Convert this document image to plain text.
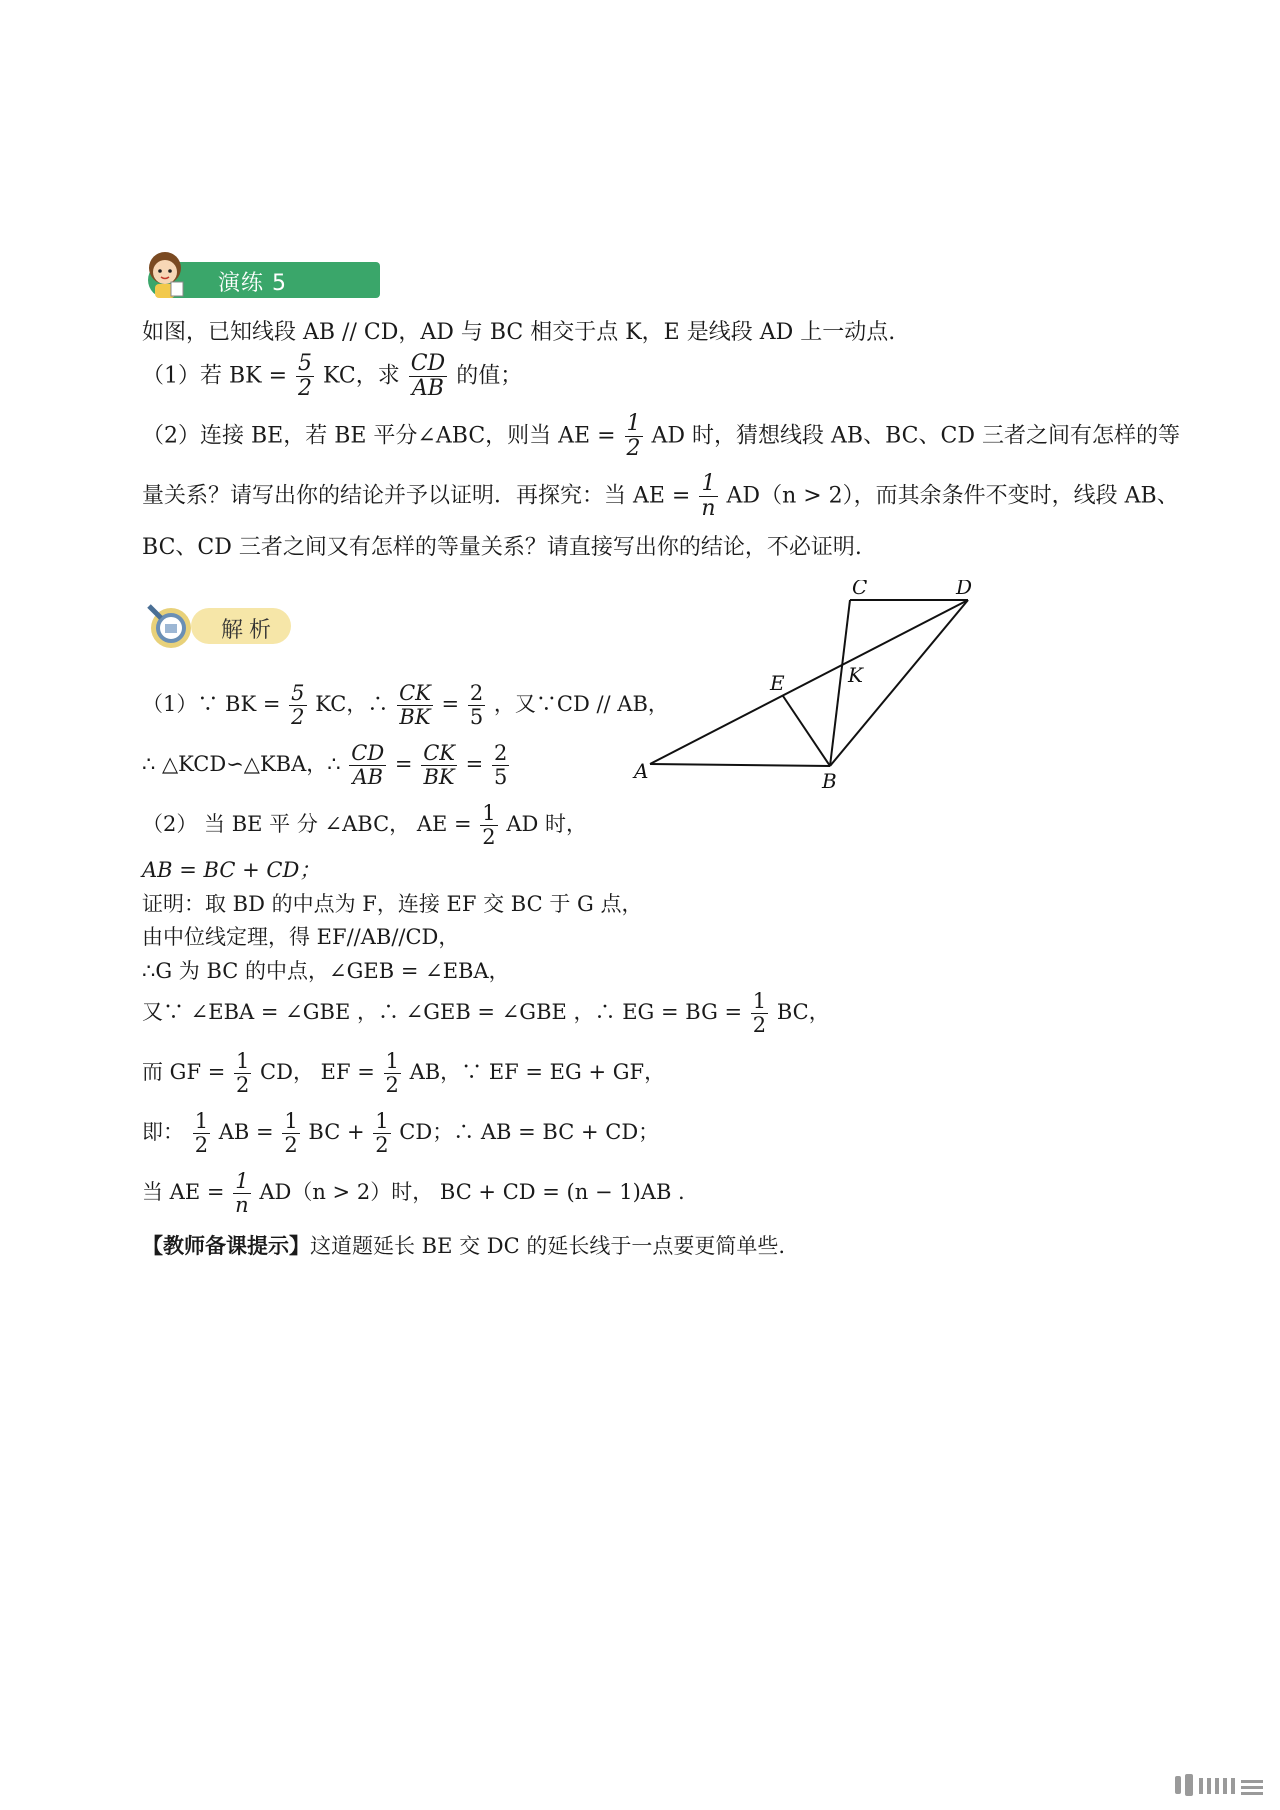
演练 5
如图，已知线段 AB // CD，AD 与 BC 相交于点 K，E 是线段 AD 上一动点.
（1）若 BK = $\frac{5}{2}$ KC，求 $\frac{CD}{AB}$ 的值；
（2）连接 BE，若 BE 平分∠ABC，则当 AE = $\frac{1}{2}$ AD 时，猜想线段 AB、BC、CD 三者之间有怎样的等
量关系？请写出你的结论并予以证明．再探究：当 AE = $\frac{1}{n} AD(n > 2)$，而其余条件不变时，线段 AB、
BC、CD 三者之间又有怎样的等量关系？请直接写出你的结论，不必证明.
解析
A	B
C	D
E	K
（1）∵ BK = $\frac{5}{2}$ KC，∴ $\frac{CK}{BK} = \frac{2}{5}$ ，又∵CD // AB，
∴ △KCD∽△KBA，∴ $\frac{CD}{AB} = \frac{CK}{BK} = \frac{2}{5}$
（2） 当 BE 平 分 ∠ABC， AE = $\frac{1}{2}$ AD 时，
AB = BC + CD；
证明：取 BD 的中点为 F，连接 EF 交 BC 于 G 点，
由中位线定理，得 EF//AB//CD，
∴G 为 BC 的中点，∠GEB = ∠EBA，
又∵ ∠EBA = ∠GBE ，∴ ∠GEB = ∠GBE ，∴ EG = BG = $\frac{1}{2}$ BC，
而 GF = $\frac{1}{2}$ CD， EF = $\frac{1}{2}$ AB，∵ EF = EG + GF，
即： $\frac{1}{2}$ AB = $\frac{1}{2}$ BC + $\frac{1}{2}$ CD；∴ AB = BC + CD；
当 AE = $\frac{1}{n} AD(n > 2)$时， BC + CD = (n − 1)AB .
【教师备课提示】这道题延长 BE 交 DC 的延长线于一点要更简单些.
